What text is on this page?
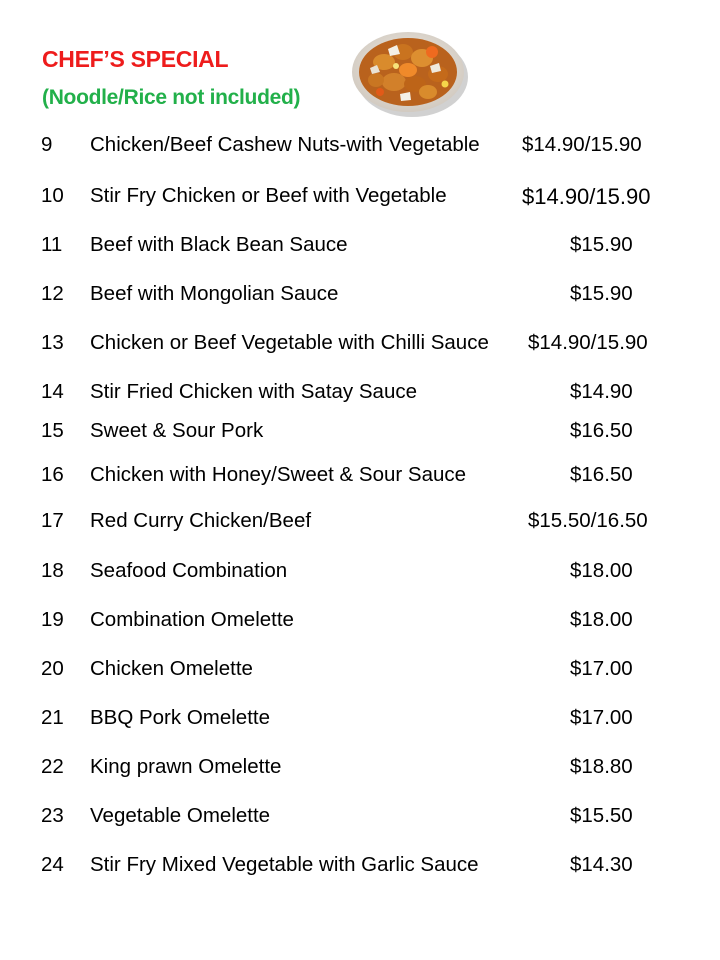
CHEF’S SPECIAL
(Noodle/Rice not included)
9 Chicken/Beef Cashew Nuts-with Vegetable $14.90/15.90
10 Stir Fry Chicken or Beef with Vegetable	$14.90/15.90
11 Beef with Black Bean Sauce	$15.90
12 Beef with Mongolian Sauce	$15.90
13 Chicken or Beef Vegetable with Chilli Sauce $14.90/15.90
14 Stir Fried Chicken with Satay Sauce	$14.90
15 Sweet & Sour Pork	$16.50
16 Chicken with Honey/Sweet & Sour Sauce	$16.50
17 Red Curry Chicken/Beef	$15.50/16.50
18 Seafood Combination	$18.00
19 Combination Omelette	$18.00
20 Chicken Omelette	$17.00
21 BBQ Pork Omelette	$17.00
22 King prawn Omelette	$18.80
23 Vegetable Omelette	$15.50
24 Stir Fry Mixed Vegetable with Garlic Sauce	$14.30
